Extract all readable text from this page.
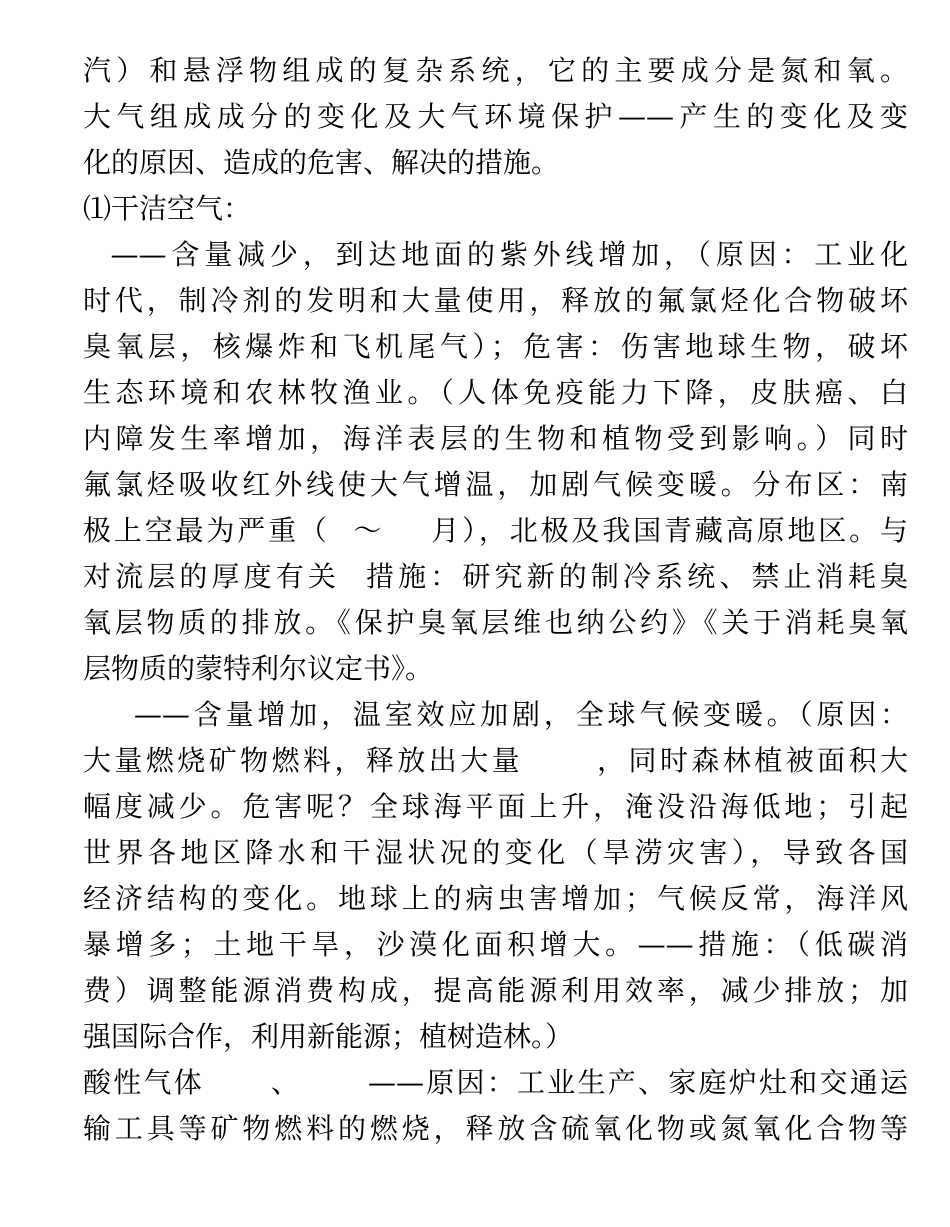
汽）和悬浮物组成的复杂系统，它的主要成分是氮和氧。
大气组成成分的变化及大气环境保护——产生的变化及变
化的原因、造成的危害、解决的措施。
⑴干洁空气：
——含量减少，到达地面的紫外线增加，（原因：工业化
时代，制冷剂的发明和大量使用，释放的氟氯烃化合物破坏
臭氧层，核爆炸和飞机尾气）；危害：伤害地球生物，破坏
生态环境和农林牧渔业。（人体免疫能力下降，皮肤癌、白
内障发生率增加，海洋表层的生物和植物受到影响。）同时
氟氯烃吸收红外线使大气增温，加剧气候变暖。分布区：南
极上空最为严重（  ～    月），北极及我国青藏高原地区。与
对流层的厚度有关  措施：研究新的制冷系统、禁止消耗臭
氧层物质的排放。《保护臭氧层维也纳公约》《关于消耗臭氧
层物质的蒙特利尔议定书》。
——含量增加，温室效应加剧，全球气候变暖。（原因：
大量燃烧矿物燃料，释放出大量      ，同时森林植被面积大
幅度减少。危害呢？全球海平面上升，淹没沿海低地；引起
世界各地区降水和干湿状况的变化（旱涝灾害），导致各国
经济结构的变化。地球上的病虫害增加；气候反常，海洋风
暴增多；土地干旱，沙漠化面积增大。——措施：（低碳消
费）调整能源消费构成，提高能源利用效率，减少排放；加
强国际合作，利用新能源；植树造林。）
酸性气体      、      ——原因：工业生产、家庭炉灶和交通运
输工具等矿物燃料的燃烧，释放含硫氧化物或氮氧化合物等
